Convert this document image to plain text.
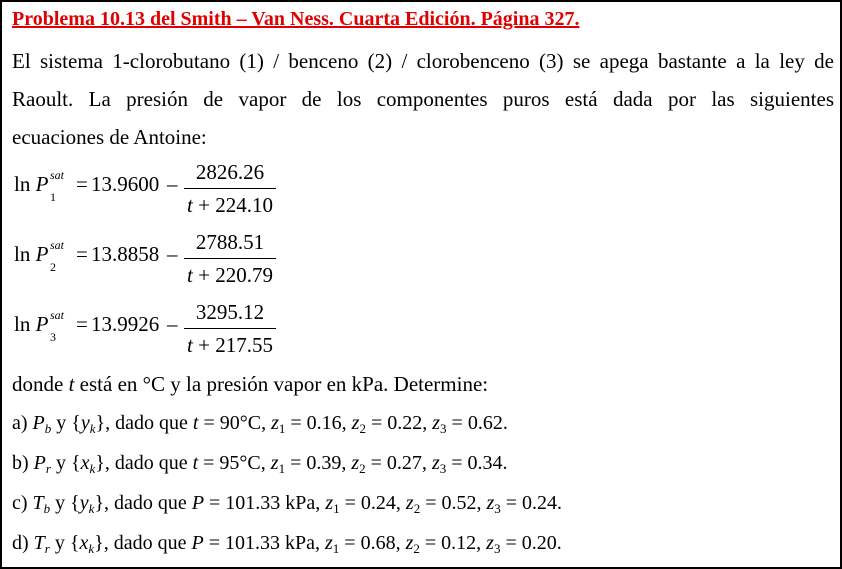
Problema 10.13 del Smith – Van Ness. Cuarta Edición. Página 327.
El sistema 1-clorobutano (1) / benceno (2) / clorobenceno (3) se apega bastante a la ley de
Raoult. La presión de vapor de los componentes puros está dada por las siguientes
ecuaciones de Antoine:
ln P sat
1
= 13.9600 – 2826.26
t + 224.10
ln P sat
2
= 13.8858 – 2788.51
t + 220.79
ln P sat
3
= 13.9926 – 3295.12
t + 217.55
donde t está en °C y la presión vapor en kPa. Determine:
a) $P_b$ y $\{y_k\}$, dado que t = 90°C, $z_1 = 0.16$, $z_2 = 0.22$, $z_3 = 0.62$.
b) $P_r$ y $\{x_k\}$, dado que t = 95°C, $z_1 = 0.39$, $z_2 = 0.27$, $z_3 = 0.34$.
c) $T_b$ y $\{y_k\}$, dado que P = 101.33 kPa, $z_1 = 0.24$, $z_2 = 0.52$, $z_3 = 0.24$.
d) $T_r$ y $\{x_k\}$, dado que P = 101.33 kPa, $z_1 = 0.68$, $z_2 = 0.12$, $z_3 = 0.20$.
